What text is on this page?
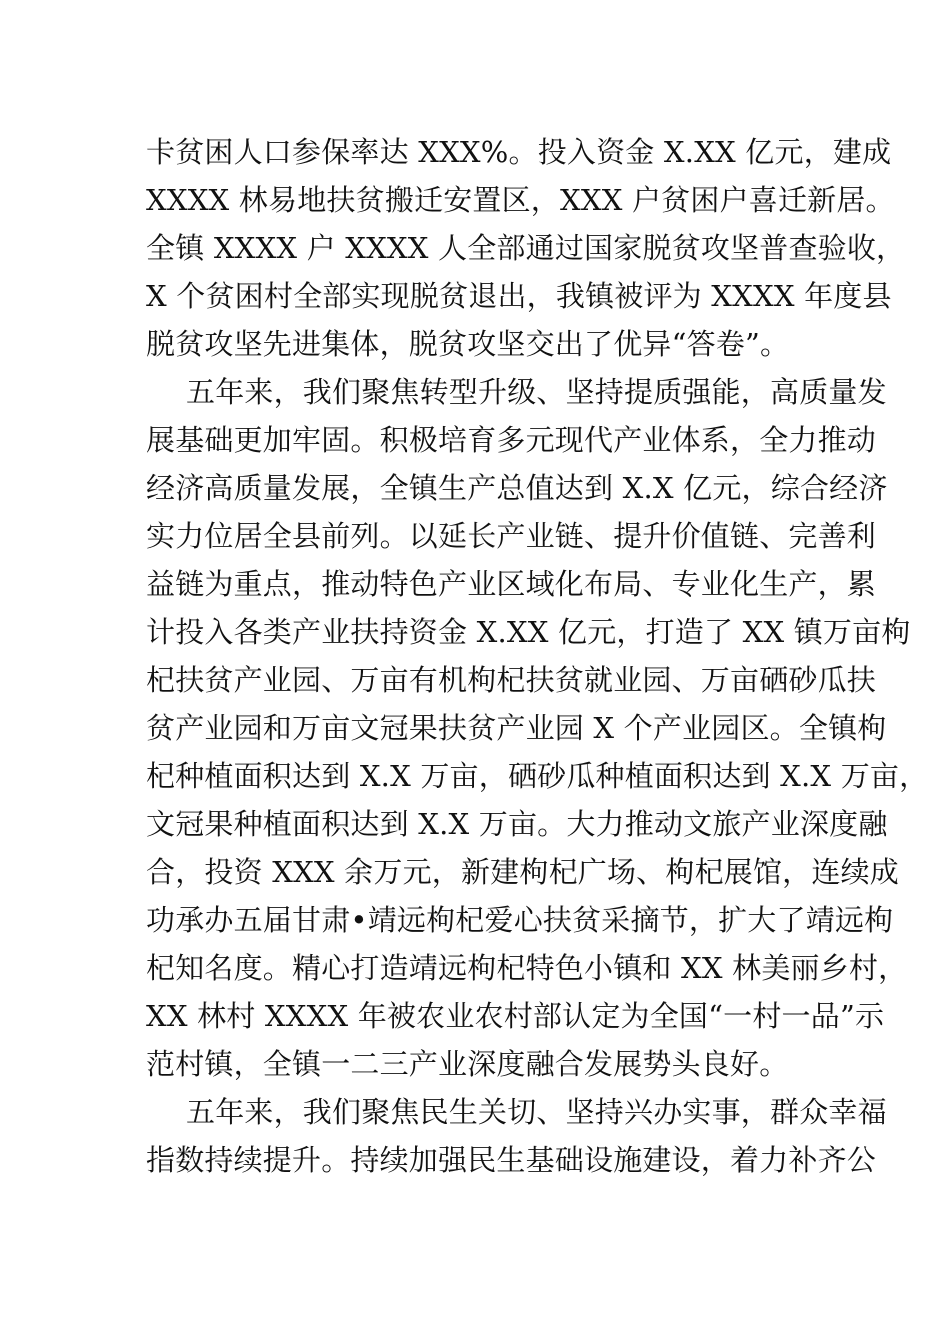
卡贫困人口参保率达 XXX%。投入资金 X.XX 亿元，建成
XXXX 林易地扶贫搬迁安置区，XXX 户贫困户喜迁新居。
全镇 XXXX 户 XXXX 人全部通过国家脱贫攻坚普查验收，
X 个贫困村全部实现脱贫退出，我镇被评为 XXXX 年度县
脱贫攻坚先进集体，脱贫攻坚交出了优异“答卷”。
五年来，我们聚焦转型升级、坚持提质强能，高质量发
展基础更加牢固。积极培育多元现代产业体系，全力推动
经济高质量发展，全镇生产总值达到 X.X 亿元，综合经济
实力位居全县前列。以延长产业链、提升价值链、完善利
益链为重点，推动特色产业区域化布局、专业化生产，累
计投入各类产业扶持资金 X.XX 亿元，打造了 XX 镇万亩枸
杞扶贫产业园、万亩有机枸杞扶贫就业园、万亩硒砂瓜扶
贫产业园和万亩文冠果扶贫产业园 X 个产业园区。全镇枸
杞种植面积达到 X.X 万亩，硒砂瓜种植面积达到 X.X 万亩，
文冠果种植面积达到 X.X 万亩。大力推动文旅产业深度融
合，投资 XXX 余万元，新建枸杞广场、枸杞展馆，连续成
功承办五届甘肃•靖远枸杞爱心扶贫采摘节，扩大了靖远枸
杞知名度。精心打造靖远枸杞特色小镇和 XX 林美丽乡村，
XX 林村 XXXX 年被农业农村部认定为全国“一村一品”示
范村镇，全镇一二三产业深度融合发展势头良好。
五年来，我们聚焦民生关切、坚持兴办实事，群众幸福
指数持续提升。持续加强民生基础设施建设，着力补齐公
